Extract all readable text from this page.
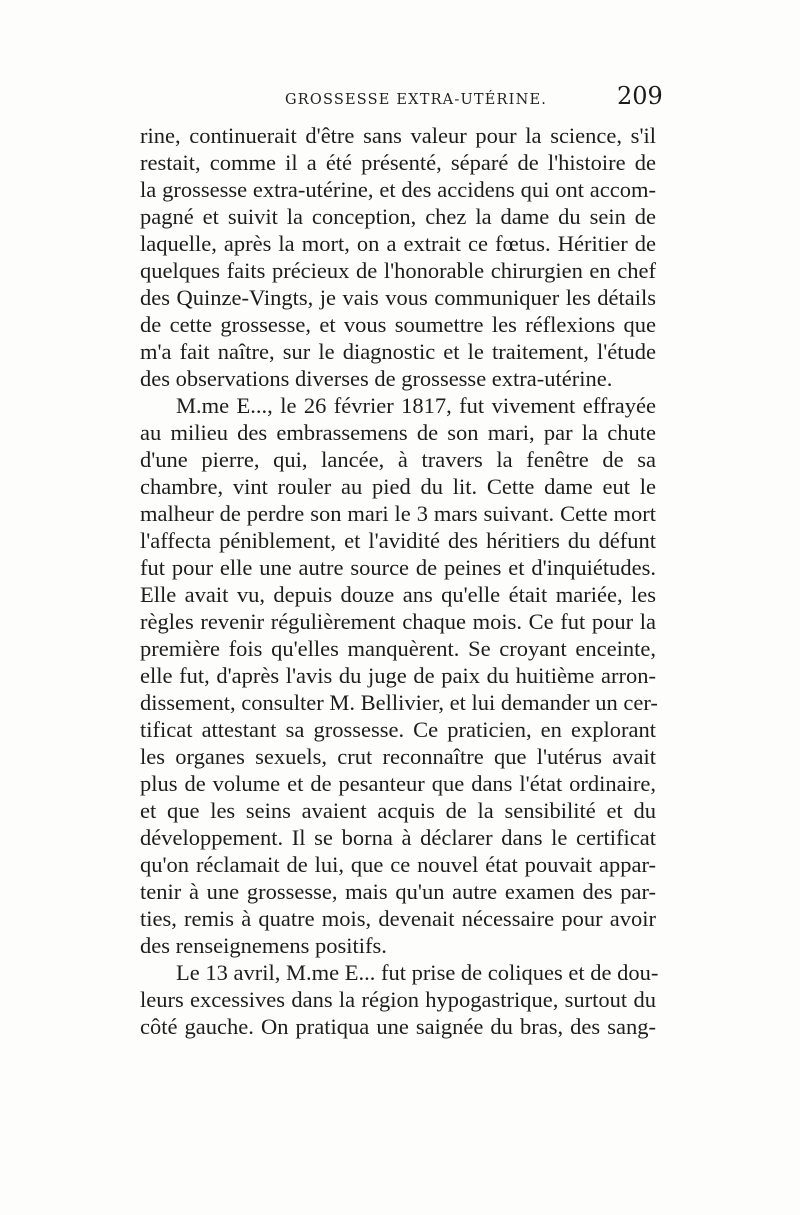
GROSSESSE EXTRA-UTÉRINE.	209
rine, continuerait d'être sans valeur pour la science, s'il
restait, comme il a été présenté, séparé de l'histoire de
la grossesse extra-utérine, et des accidens qui ont accom-
pagné et suivit la conception, chez la dame du sein de
laquelle, après la mort, on a extrait ce fœtus. Héritier de
quelques faits précieux de l'honorable chirurgien en chef
des Quinze-Vingts, je vais vous communiquer les détails
de cette grossesse, et vous soumettre les réflexions que
m'a fait naître, sur le diagnostic et le traitement, l'étude
des observations diverses de grossesse extra-utérine.
M.me E..., le 26 février 1817, fut vivement effrayée
au milieu des embrassemens de son mari, par la chute
d'une pierre, qui, lancée, à travers la fenêtre de sa
chambre, vint rouler au pied du lit. Cette dame eut le
malheur de perdre son mari le 3 mars suivant. Cette mort
l'affecta péniblement, et l'avidité des héritiers du défunt
fut pour elle une autre source de peines et d'inquiétudes.
Elle avait vu, depuis douze ans qu'elle était mariée, les
règles revenir régulièrement chaque mois. Ce fut pour la
première fois qu'elles manquèrent. Se croyant enceinte,
elle fut, d'après l'avis du juge de paix du huitième arron-
dissement, consulter M. Bellivier, et lui demander un cer-
tificat attestant sa grossesse. Ce praticien, en explorant
les organes sexuels, crut reconnaître que l'utérus avait
plus de volume et de pesanteur que dans l'état ordinaire,
et que les seins avaient acquis de la sensibilité et du
développement. Il se borna à déclarer dans le certificat
qu'on réclamait de lui, que ce nouvel état pouvait appar-
tenir à une grossesse, mais qu'un autre examen des par-
ties, remis à quatre mois, devenait nécessaire pour avoir
des renseignemens positifs.
Le 13 avril, M.me E... fut prise de coliques et de dou-
leurs excessives dans la région hypogastrique, surtout du
côté gauche. On pratiqua une saignée du bras, des sang-
